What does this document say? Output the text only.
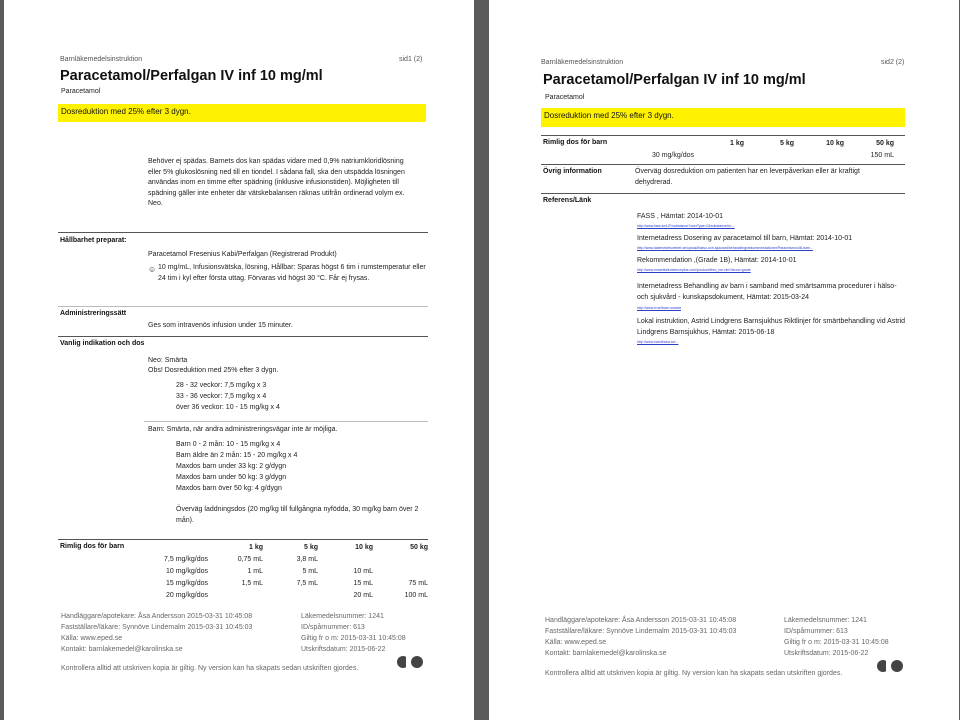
Barnläkemedelsinstruktion	sid1 (2)
Paracetamol/Perfalgan IV inf 10 mg/ml
Paracetamol
Dosreduktion med 25% efter 3 dygn.
Behöver ej spädas. Barnets dos kan spädas vidare med 0,9% natriumkloridlösning eller 5% glukoslösning ned till en tiondel. I sådana fall, ska den utspädda lösningen användas inom en timme efter spädning (inklusive infusionstiden). Möjligheten till spädning gäller inte enheter där vätskebalansen räknas utifrån ordinerad volym ex. Neo.
Hållbarhet preparat:
Paracetamol Fresenius Kabi/Perfalgan (Registrerad Produkt)
☺ 10 mg/mL, Infusionsvätska, lösning, Hållbar: Sparas högst 6 tim i rumstemperatur eller 24 tim i kyl efter första uttag. Förvaras vid högst 30 °C. Får ej frysas.
Administreringssätt
Ges som intravenös infusion under 15 minuter.
Vanlig indikation och dos
Neo: Smärta
Obs! Dosreduktion med 25% efter 3 dygn.
28 - 32 veckor: 7,5 mg/kg x 3
33 - 36 veckor: 7,5 mg/kg x 4
över 36 veckor: 10 - 15 mg/kg x 4
Barn: Smärta, när andra administreringsvägar inte är möjliga.
Barn 0 - 2 mån: 10 - 15 mg/kg x 4
Barn äldre än 2 mån: 15 - 20 mg/kg x 4
Maxdos barn under 33 kg: 2 g/dygn
Maxdos barn under 50 kg: 3 g/dygn
Maxdos barn över 50 kg: 4 g/dygn
Överväg laddningsdos (20 mg/kg till fullgångna nyfödda, 30 mg/kg barn över 2 mån).
Rimlig dos för barn
		1 kg	5 kg	10 kg	50 kg
7,5 mg/kg/dos	0,75 mL	3,8 mL		
10 mg/kg/dos	1 mL	5 mL	10 mL	
15 mg/kg/dos	1,5 mL	7,5 mL	15 mL	75 mL
20 mg/kg/dos			20 mL	100 mL
Handläggare/apotekare: Åsa Andersson 2015-03-31 10:45:08
Fastställare/läkare: Synnöve Lindemalm 2015-03-31 10:45:03
Källa: www.eped.se
Kontakt: barnlakemedel@karolinska.se
Läkemedelsnummer: 1241
ID/spårnummer: 613
Giltig fr o m: 2015-03-31 10:45:08
Utskriftsdatum: 2015-06-22
Kontrollera alltid att utskriven kopia är giltig. Ny version kan ha skapats sedan utskriften gjordes.
Barnläkemedelsinstruktion	sid2 (2)
Paracetamol/Perfalgan IV inf 10 mg/ml
Paracetamol
Dosreduktion med 25% efter 3 dygn.
Rimlig dos för barn
		1 kg	5 kg	10 kg	50 kg
30 mg/kg/dos				150 mL
Övrig information	Överväg dosreduktion om patienten har en leverpåverkan eller är kraftigt dehydrerad.
Referens/Länk
FASS , Hämtat: 2014-10-01
http://www.fass.se/LIF/substance?userType=0&substanceId=...
Internetadress Dosering av paracetamol till barn, Hämtat: 2014-10-01
http://www.lakemedelsverket.se/upload/halso-och-sjukvard/behandlingsrekommendationer/Paracetamol-till-barn...
Rekommendation ,(Grade 1B), Hämtat: 2014-10-01
http://www.essentialevidenceplus.com/product/ebm_loe.cfm?show=grade
Internetadress Behandling av barn i samband med smärtsamma procedurer i hälso- och sjukvård - kunskapsdokument, Hämtat: 2015-03-24
http://www.lv.se/barn-smarta
Lokal instruktion, Astrid Lindgrens Barnsjukhus Riktlinjer för smärtbehandling vid Astrid Lindgrens Barnsjukhus, Hämtat: 2015-06-18
http://www.karolinska.se/...
Handläggare/apotekare: Åsa Andersson 2015-03-31 10:45:08
Fastställare/läkare: Synnöve Lindemalm 2015-03-31 10:45:03
Källa: www.eped.se
Kontakt: barnlakemedel@karolinska.se
Läkemedelsnummer: 1241
ID/spårnummer: 613
Giltig fr o m: 2015-03-31 10:45:08
Utskriftsdatum: 2015-06-22
Kontrollera alltid att utskriven kopia är giltig. Ny version kan ha skapats sedan utskriften gjordes.
